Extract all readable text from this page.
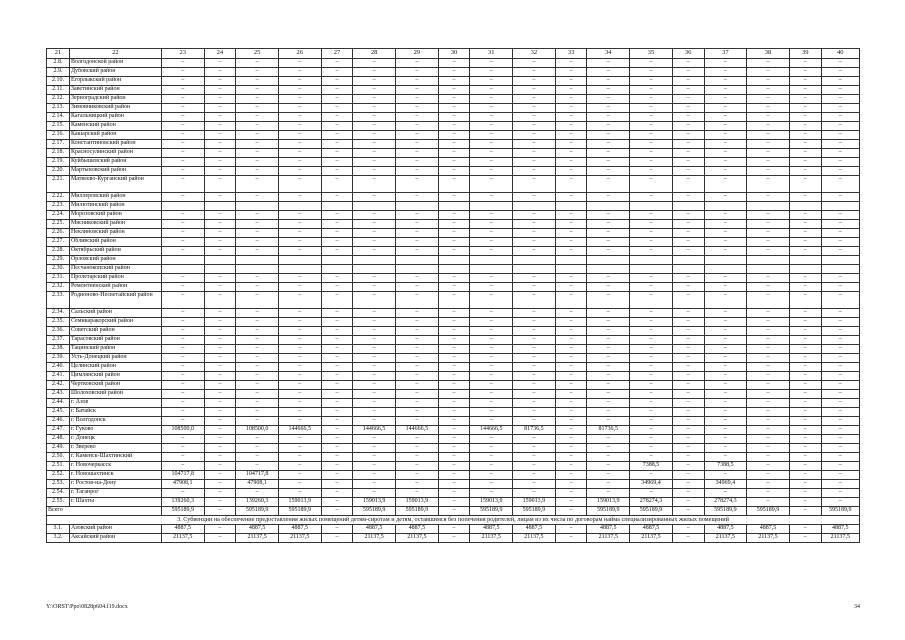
21	22	23	24	25	26	27	28	29	30	31	32	33	34	35	36	37	38	39	40
2.8.	Волгодонской район	–	–	–	–	–	–	–	–	–	–	–	–	–	–	–	–	–	–
2.9.	Дубовский район	–	–	–	–	–	–	–	–	–	–	–	–	–	–	–	–	–	–
2.10.	Егорлыкский район	–	–	–	–	–	–	–	–	–	–	–	–	–	–	–	–	–	–
2.11.	Заветинский район	–	–	–	–	–	–	–	–	–	–	–	–	–	–	–	–	–	–
2.12.	Зерноградский район	–	–	–	–	–	–	–	–	–	–	–	–	–	–	–	–	–	–
2.13.	Зимовниковский район	–	–	–	–	–	–	–	–	–	–	–	–	–	–	–	–	–	–
2.14.	Кагальницкий район	–	–	–	–	–	–	–	–	–	–	–	–	–	–	–	–	–	–
2.15.	Каменский район	–	–	–	–	–	–	–	–	–	–	–	–	–	–	–	–	–	–
2.16.	Кашарский район	–	–	–	–	–	–	–	–	–	–	–	–	–	–	–	–	–	–
2.17.	Константиновский район	–	–	–	–	–	–	–	–	–	–	–	–	–	–	–	–	–	–
2.18.	Красносулинский район	–	–	–	–	–	–	–	–	–	–	–	–	–	–	–	–	–	–
2.19.	Куйбышевский район	–	–	–	–	–	–	–	–	–	–	–	–	–	–	–	–	–	–
2.20.	Мартыновский район	–	–	–	–	–	–	–	–	–	–	–	–	–	–	–	–	–	–
2.21.	Матвеево-Курганский район	–	–	–	–	–	–	–	–	–	–	–	–	–	–	–	–	–	–
2.22.	Миллеровский район	–	–	–	–	–	–	–	–	–	–	–	–	–	–	–	–	–	–
2.23.	Милютинский район																		
2.24.	Морозовский район	–	–	–	–	–	–	–	–	–	–	–	–	–	–	–	–	–	–
2.25.	Мясниковский район	–	–	–	–	–	–	–	–	–	–	–	–	–	–	–	–	–	–
2.26.	Неклиновский район	–	–	–	–	–	–	–	–	–	–	–	–	–	–	–	–	–	–
2.27.	Обливский район	–	–	–	–	–	–	–	–	–	–	–	–	–	–	–	–	–	–
2.28.	Октябрьский район	–	–	–	–	–	–	–	–	–	–	–	–	–	–	–	–	–	–
2.29.	Орловский район																		
2.30.	Песчанокопский район																		
2.31.	Пролетарский район	–	–	–	–	–	–	–	–	–	–	–	–	–	–	–	–	–	–
2.32.	Ремонтненский район	–	–	–	–	–	–	–	–	–	–	–	–	–	–	–	–	–	–
2.33.	Родионово-Несветайский район	–	–	–	–	–	–	–	–	–	–	–	–	–	–	–	–	–	–
2.34.	Сальский район	–	–	–	–	–	–	–	–	–	–	–	–	–	–	–	–	–	–
2.35.	Семикаракорский район	–	–	–	–	–	–	–	–	–	–	–	–	–	–	–	–	–	–
2.36.	Советский район	–	–	–	–	–	–	–	–	–	–	–	–	–	–	–	–	–	–
2.37.	Тарасовский район	–	–	–	–	–	–	–	–	–	–	–	–	–	–	–	–	–	–
2.38.	Тацинский район	–	–	–	–	–	–	–	–	–	–	–	–	–	–	–	–	–	–
2.39.	Усть-Донецкий район	–	–	–	–	–	–	–	–	–	–	–	–	–	–	–	–	–	–
2.40.	Целинский район	–	–	–	–	–	–	–	–	–	–	–	–	–	–	–	–	–	–
2.41.	Цимлянский район	–	–	–	–	–	–	–	–	–	–	–	–	–	–	–	–	–	–
2.42.	Чертковский район	–	–	–	–	–	–	–	–	–	–	–	–	–	–	–	–	–	–
2.43.	Шолоховский район	–	–	–	–	–	–	–	–	–	–	–	–	–	–	–	–	–	–
2.44.	г. Азов	–	–	–	–	–	–	–	–	–	–	–	–	–	–	–	–	–	–
2.45.	г. Батайск	–	–	–	–	–	–	–	–	–	–	–	–	–	–	–	–	–	–
2.46.	г. Волгодонск	–	–	–	–	–	–	–	–	–	–	–	–	–	–	–	–	–	–
2.47.	г. Гуково	108500,0	–	108500,0	144666,5	–	144666,5	144666,5	–	144666,5	81736,5	–	81736,5	–	–	–	–	–	–
2.48.	г. Донецк	–	–	–	–	–	–	–	–	–	–	–	–	–	–	–	–	–	–
2.49.	г. Зверево	–	–	–	–	–	–	–	–	–	–	–	–	–	–	–	–	–	–
2.50.	г. Каменск-Шахтинский	–	–	–	–	–	–	–	–	–	–	–	–	–	–	–	–	–	–
2.51.	г. Новочеркасск	–	–	–	–	–	–	–	–	–	–	–	–	7388,5	–	7388,5	–	–	–
2.52.	г. Новошахтинск	104717,8	–	104717,8	–	–	–	–	–	–	–	–	–	–	–	–	–	–	–
2.53.	г. Ростов-на-Дону	47908,1	–	47908,1	–	–	–	–	–	–	–	–	–	34969,4	–	34969,4	–	–	–
2.54.	г. Таганрог	–	–	–	–	–	–	–	–	–	–	–	–	–	–	–	–	–	–
2.55.	г. Шахты	139260,3	–	139260,3	159013,9	–	159013,9	159013,9	–	159013,9	159013,9	–	159013,9	278274,3	–	278274,3	–	–	–
Всего		595189,9	–	595189,9	595189,9	–	595189,9	595189,9	–	595189,9	595189,9	–	595189,9	595189,9	–	595189,9	595189,9	–	595189,9
3. Субвенции на обеспечение предоставления жилых помещений детям-сиротам и детям, оставшимся без попечения родителей, лицам из их числа по договорам найма специализированных жилых помещений																			
3.1.	Азовский район	4887,5	–	4887,5	4887,5	–	4887,5	4887,5	–	4887,5	4887,5	–	4887,5	4887,5	–	4887,5	4887,5	–	4887,5
3.2.	Аксайский район	21137,5	–	21137,5	21137,5	–	21137,5	21137,5	–	21137,5	21137,5	–	21137,5	21137,5	–	21137,5	21137,5	–	21137,5
Y:\ORST\Ppo\0828p604.f19.docx	34
